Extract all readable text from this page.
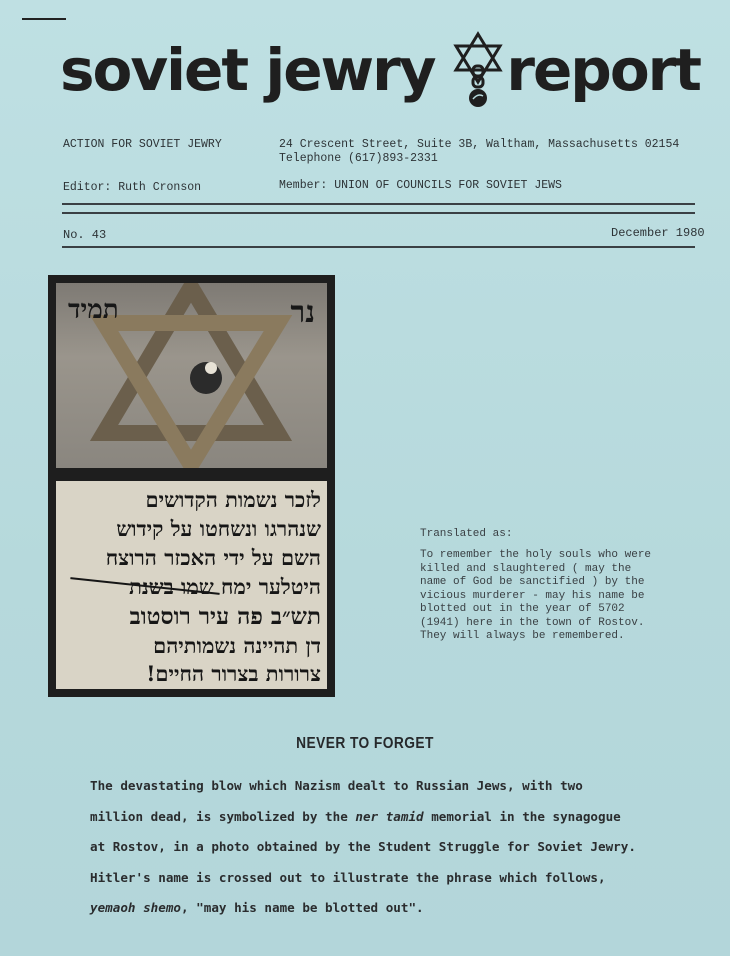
soviet jewry report
ACTION FOR SOVIET JEWRY	24 Crescent Street, Suite 3B, Waltham, Massachusetts 02154
Telephone (617)893-2331
Editor: Ruth Cronson	Member: UNION OF COUNCILS FOR SOVIET JEWS
No. 43	December 1980
תמיד	נר
לזכר נשמות הקדושים
שנהרגו ונשחטו על קידוש
השם על ידי האכזר הרוצח
היטלער ימח שמו בשנת
תש״ב פה עיר רוסטוב
דן תהיינה נשמותיהם
צרורות בצרור החיים!
Translated as:
To remember the holy souls who were
killed and slaughtered ( may the
name of God be sanctified ) by the
vicious murderer - may his name be
blotted out in the year of 5702
(1941) here in the town of Rostov.
They will always be remembered.
NEVER TO FORGET
The devastating blow which Nazism dealt to Russian Jews, with two
million dead, is symbolized by the ner tamid memorial in the synagogue
at Rostov, in a photo obtained by the Student Struggle for Soviet Jewry.
Hitler's name is crossed out to illustrate the phrase which follows,
yemaoh shemo, "may his name be blotted out".
